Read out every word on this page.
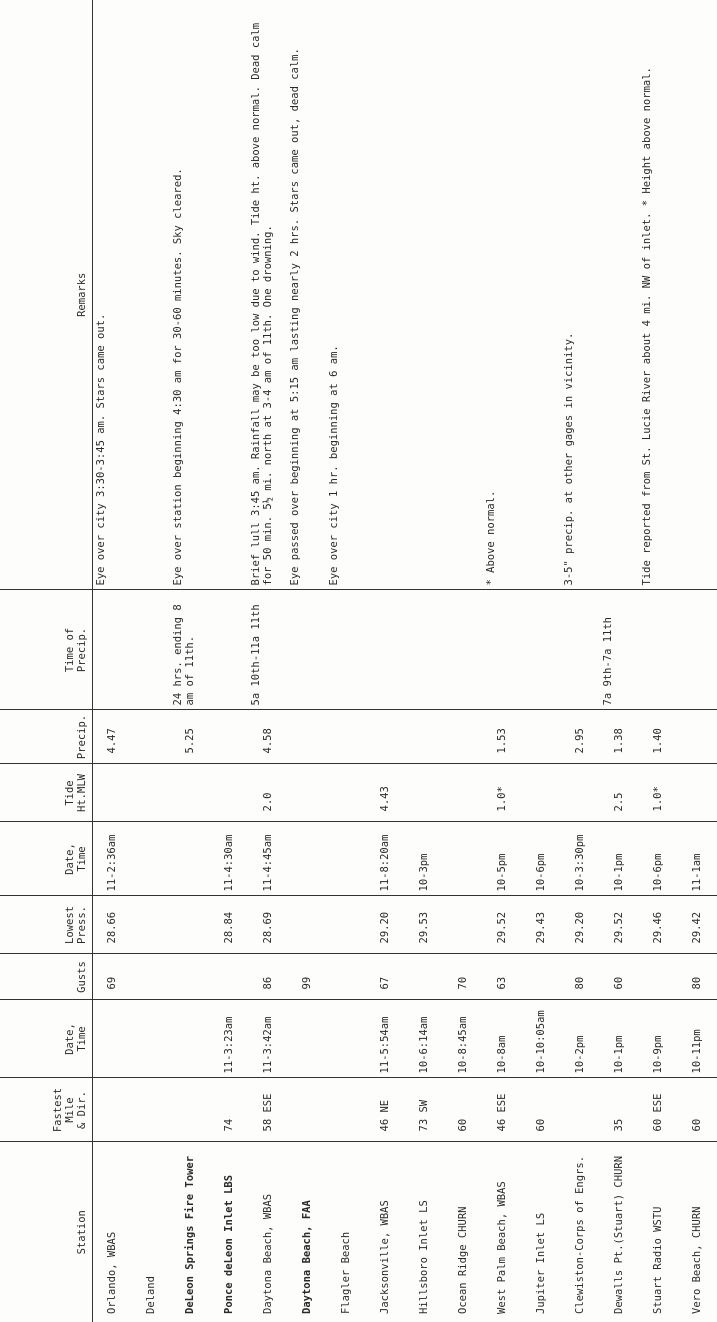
Station	Fastest Mile & Dir.	Date, Time	Gusts	Lowest Press.	Date, Time	Tide Ht.MLW	Precip.	Time of Precip.	Remarks
Orlando, WBAS			69	28.66	11-2:36am		4.47		Eye over city 3:30-3:45 am. Stars came out.
Deland									
DeLeon Springs Fire Tower							5.25	24 hrs. ending 8 am of 11th.	Eye over station beginning 4:30 am for 30-60 minutes. Sky cleared.
Ponce deLeon Inlet LBS	74	11-3:23am		28.84	11-4:30am				
Daytona Beach, WBAS	58 ESE	11-3:42am	86	28.69	11-4:45am	2.0	4.58	5a 10th-11a 11th	Brief lull 3:45 am. Rainfall may be too low due to wind. Tide ht. above normal. Dead calm for 50 min. 5½ mi. north at 3-4 am of 11th. One drowning.
Daytona Beach, FAA			99						Eye passed over beginning at 5:15 am lasting nearly 2 hrs. Stars came out, dead calm.
Flagler Beach									Eye over city 1 hr. beginning at 6 am.
Jacksonville, WBAS	46 NE	11-5:54am	67	29.20	11-8:20am	4.43			
Hillsboro Inlet LS	73 SW	10-6:14am		29.53	10-3pm				
Ocean Ridge CHURN	60	10-8:45am	70						
West Palm Beach, WBAS	46 ESE	10-8am	63	29.52	10-5pm	1.0*	1.53		* Above normal.
Jupiter Inlet LS	60	10-10:05am		29.43	10-6pm				
Clewiston-Corps of Engrs.		10-2pm	80	29.20	10-3:30pm		2.95		3-5" precip. at other gages in vicinity.
Dewalls Pt.(Stuart) CHURN	35	10-1pm	60	29.52	10-1pm	2.5	1.38	7a 9th-7a 11th	
Stuart Radio WSTU	60 ESE	10-9pm		29.46	10-6pm	1.0*	1.40		Tide reported from St. Lucie River about 4 mi. NW of inlet. * Height above normal.
Vero Beach, CHURN	60	10-11pm	80	29.42	11-1am				
